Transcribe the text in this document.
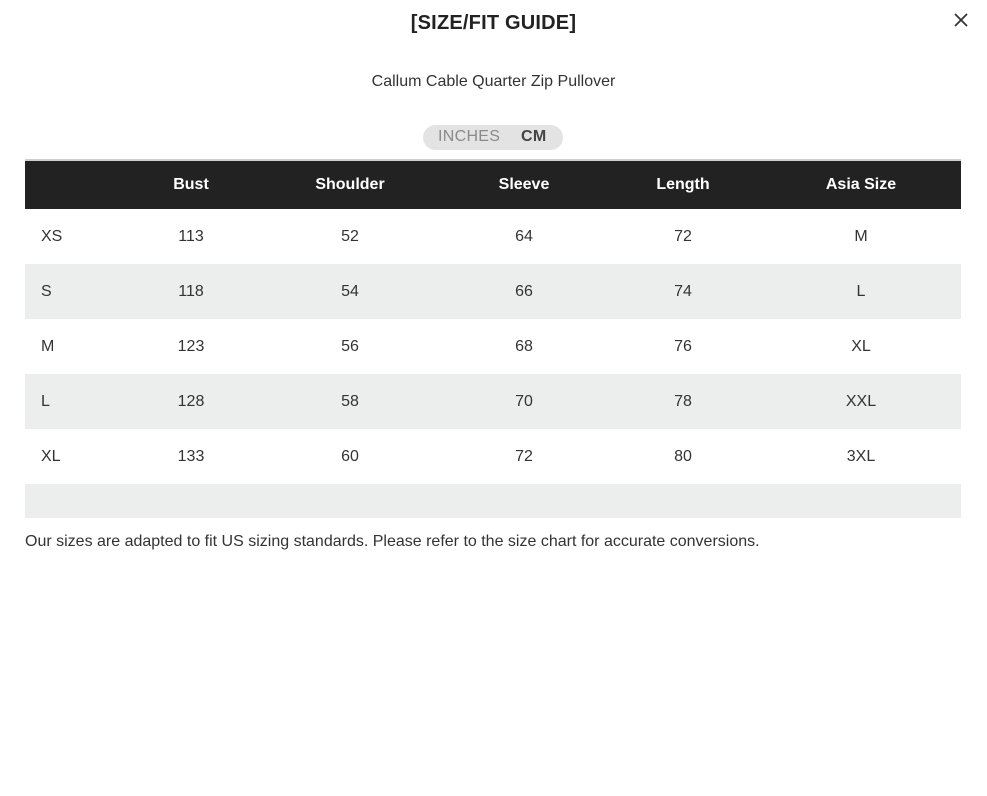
[SIZE/FIT GUIDE]
Callum Cable Quarter Zip Pullover
INCHES CM
	Bust	Shoulder	Sleeve	Length	Asia Size
XS	113	52	64	72	M
S	118	54	66	74	L
M	123	56	68	76	XL
L	128	58	70	78	XXL
XL	133	60	72	80	3XL

Our sizes are adapted to fit US sizing standards. Please refer to the size chart for accurate conversions.
